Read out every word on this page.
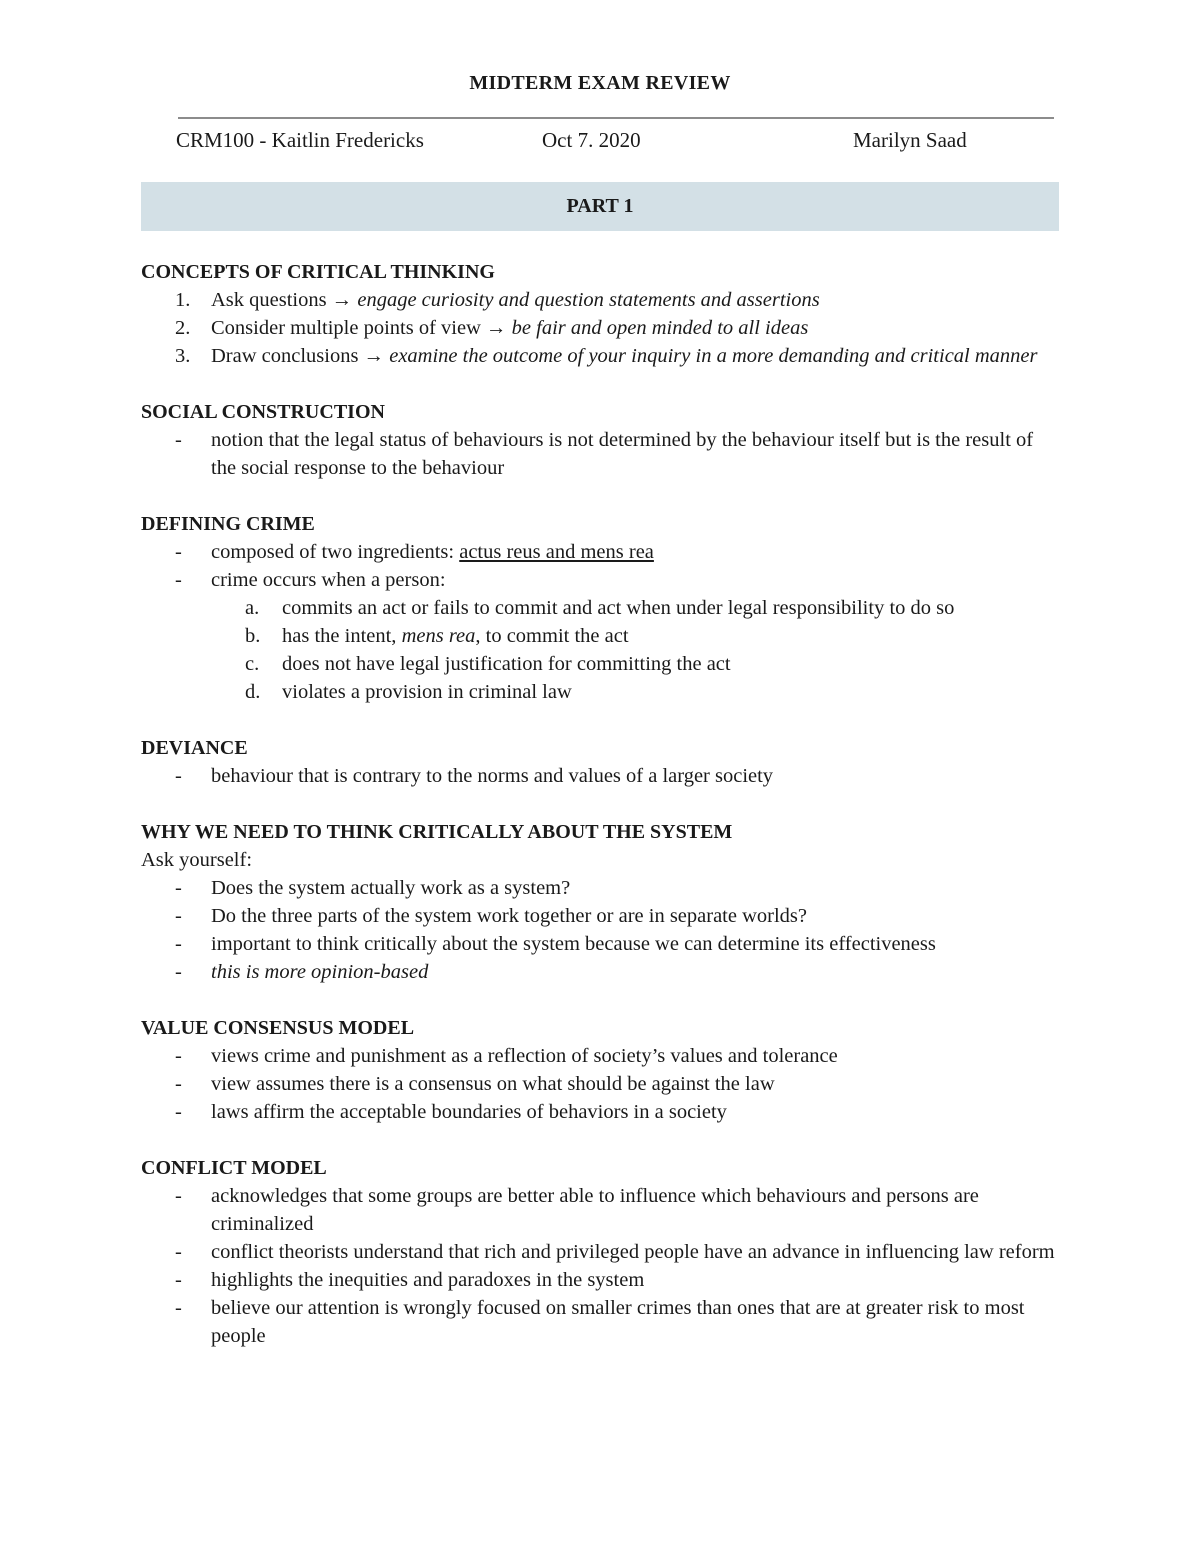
MIDTERM EXAM REVIEW
CRM100 - Kaitlin Fredericks	Oct 7. 2020	Marilyn Saad
PART 1
CONCEPTS OF CRITICAL THINKING
1.	Ask questions → engage curiosity and question statements and assertions
2.	Consider multiple points of view → be fair and open minded to all ideas
3.	Draw conclusions → examine the outcome of your inquiry in a more demanding and critical manner
SOCIAL CONSTRUCTION
-	notion that the legal status of behaviours is not determined by the behaviour itself but is the result of the social response to the behaviour
DEFINING CRIME
-	composed of two ingredients: actus reus and mens rea
-	crime occurs when a person:
a.	commits an act or fails to commit and act when under legal responsibility to do so
b.	has the intent, mens rea, to commit the act
c.	does not have legal justification for committing the act
d.	violates a provision in criminal law
DEVIANCE
-	behaviour that is contrary to the norms and values of a larger society
WHY WE NEED TO THINK CRITICALLY ABOUT THE SYSTEM
Ask yourself:
-	Does the system actually work as a system?
-	Do the three parts of the system work together or are in separate worlds?
-	important to think critically about the system because we can determine its effectiveness
-	this is more opinion-based
VALUE CONSENSUS MODEL
-	views crime and punishment as a reflection of society’s values and tolerance
-	view assumes there is a consensus on what should be against the law
-	laws affirm the acceptable boundaries of behaviors in a society
CONFLICT MODEL
-	acknowledges that some groups are better able to influence which behaviours and persons are criminalized
-	conflict theorists understand that rich and privileged people have an advance in influencing law reform
-	highlights the inequities and paradoxes in the system
-	believe our attention is wrongly focused on smaller crimes than ones that are at greater risk to most people
